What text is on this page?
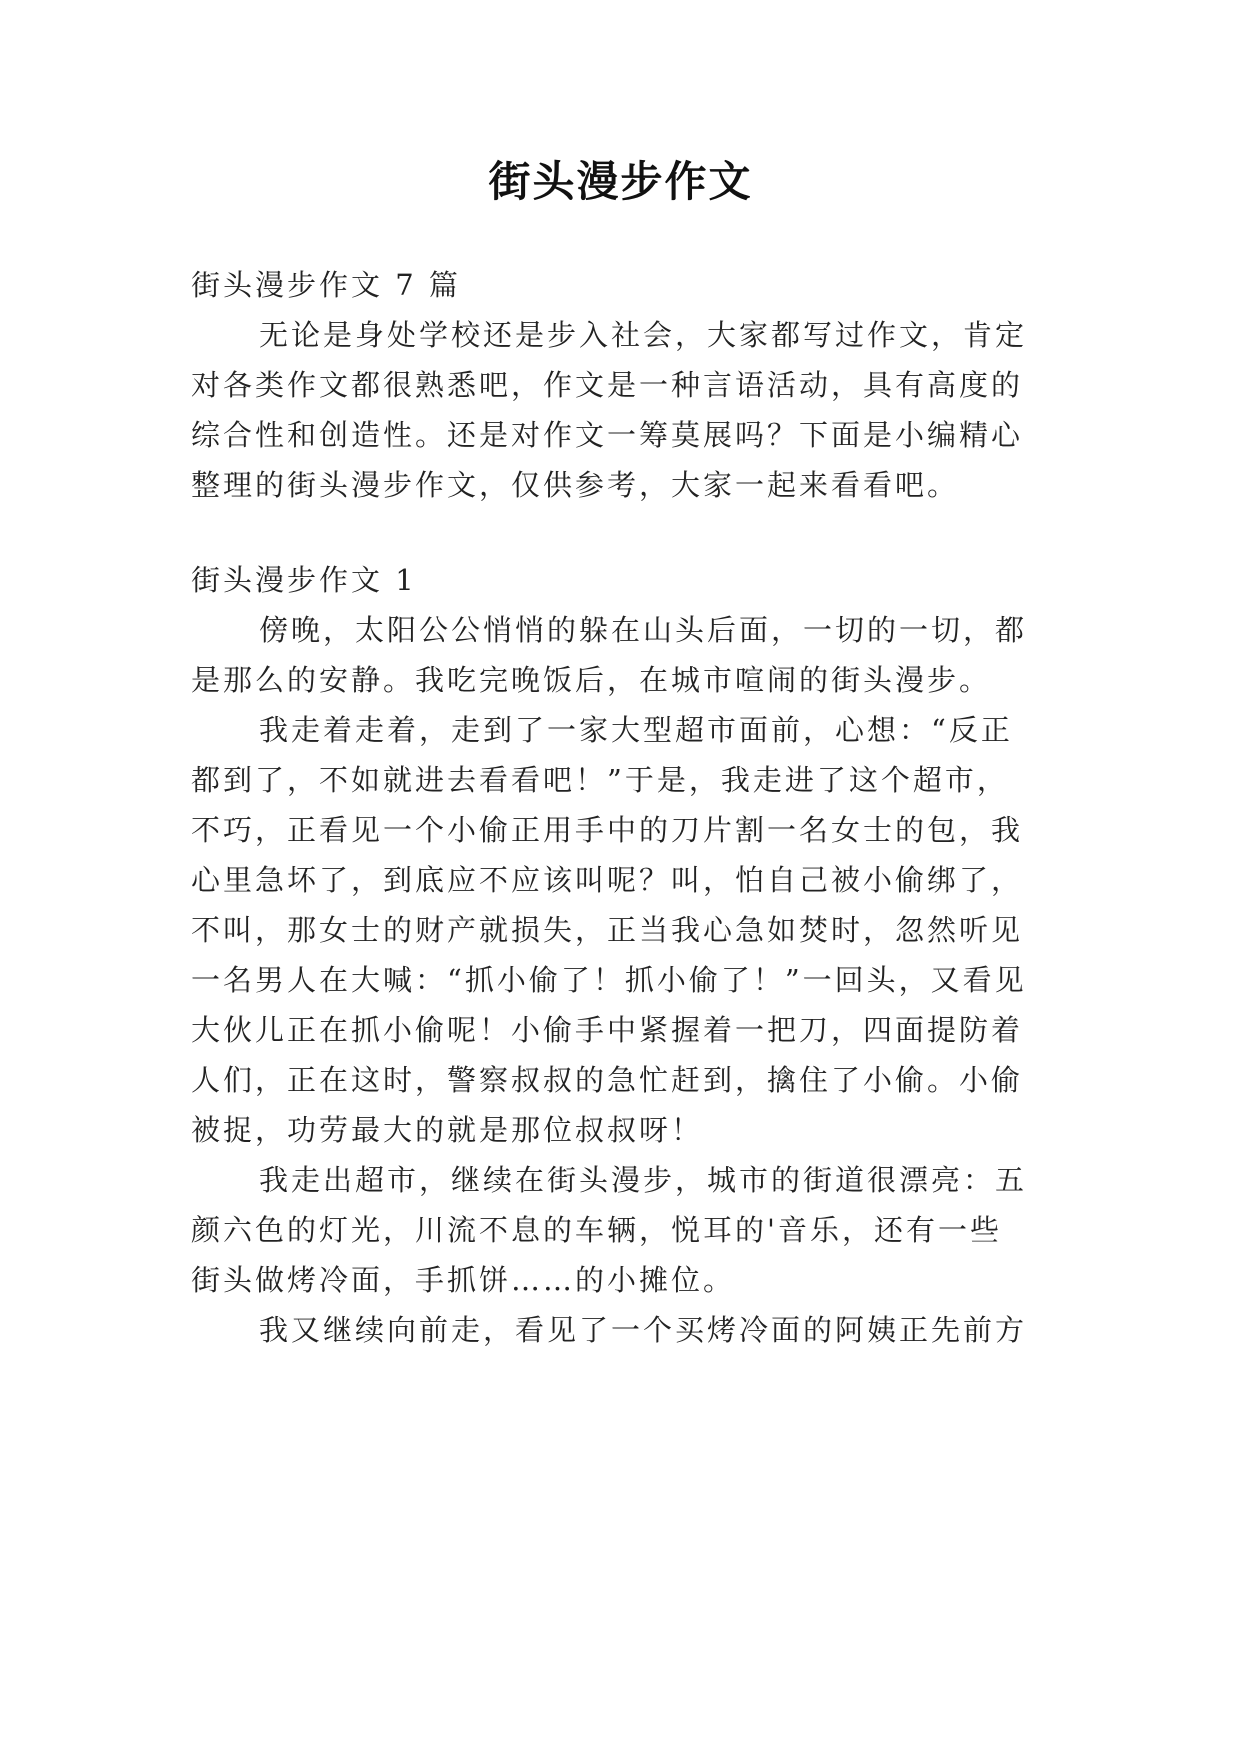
街头漫步作文
街头漫步作文 7 篇
无论是身处学校还是步入社会，大家都写过作文，肯定
对各类作文都很熟悉吧，作文是一种言语活动，具有高度的
综合性和创造性。还是对作文一筹莫展吗？下面是小编精心
整理的街头漫步作文，仅供参考，大家一起来看看吧。
街头漫步作文 1
傍晚，太阳公公悄悄的躲在山头后面，一切的一切，都
是那么的安静。我吃完晚饭后，在城市喧闹的街头漫步。
我走着走着，走到了一家大型超市面前，心想：“反正
都到了，不如就进去看看吧！”于是，我走进了这个超市，
不巧，正看见一个小偷正用手中的刀片割一名女士的包，我
心里急坏了，到底应不应该叫呢？叫，怕自己被小偷绑了，
不叫，那女士的财产就损失，正当我心急如焚时，忽然听见
一名男人在大喊：“抓小偷了！抓小偷了！”一回头，又看见
大伙儿正在抓小偷呢！小偷手中紧握着一把刀，四面提防着
人们，正在这时，警察叔叔的急忙赶到，擒住了小偷。小偷
被捉，功劳最大的就是那位叔叔呀！
我走出超市，继续在街头漫步，城市的街道很漂亮：五
颜六色的灯光，川流不息的车辆，悦耳的'音乐，还有一些
街头做烤冷面，手抓饼……的小摊位。
我又继续向前走，看见了一个买烤冷面的阿姨正先前方
